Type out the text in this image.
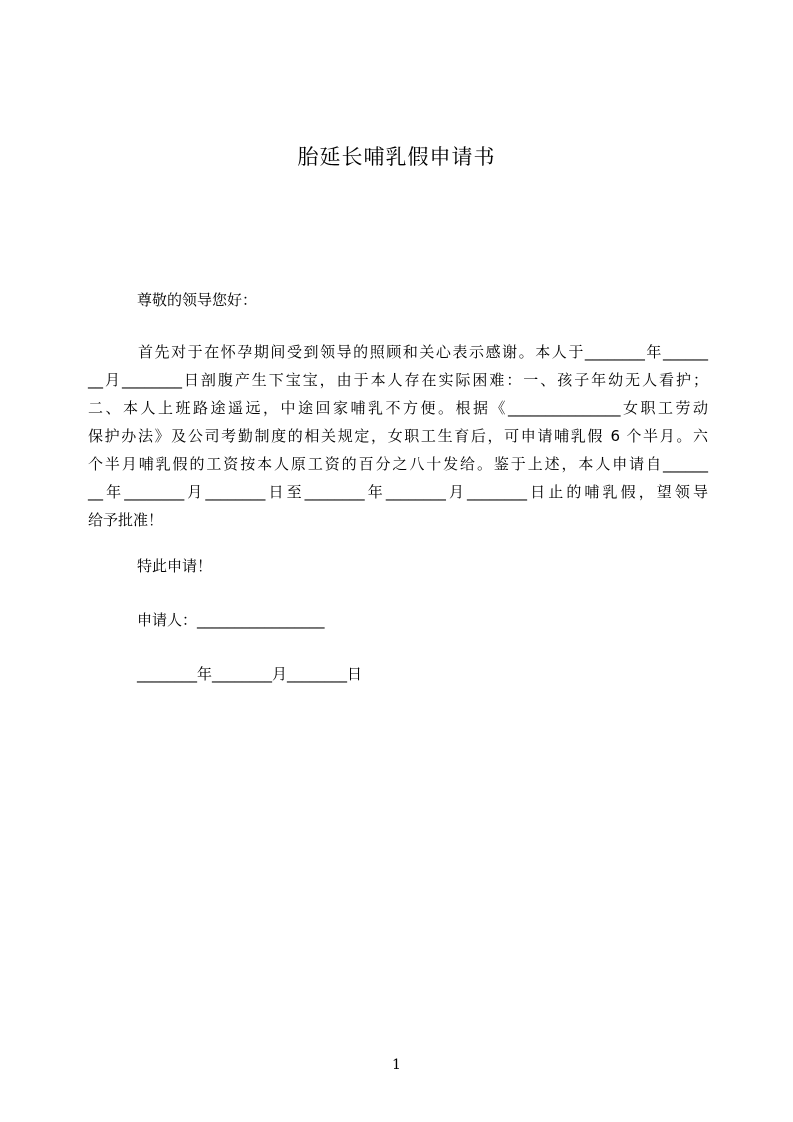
胎延长哺乳假申请书
尊敬的领导您好：
首先对于在怀孕期间受到领导的照顾和关心表示感谢。本人于________年______
__月________日剖腹产生下宝宝，由于本人存在实际困难：一、孩子年幼无人看护；
二、本人上班路途遥远，中途回家哺乳不方便。根据《_______________女职工劳动
保护办法》及公司考勤制度的相关规定，女职工生育后，可申请哺乳假 6 个半月。六
个半月哺乳假的工资按本人原工资的百分之八十发给。鉴于上述，本人申请自______
__年________月________日至________年________月________日止的哺乳假，望领导
给予批准！
特此申请！
申请人：_________________
________年________月________日
1
